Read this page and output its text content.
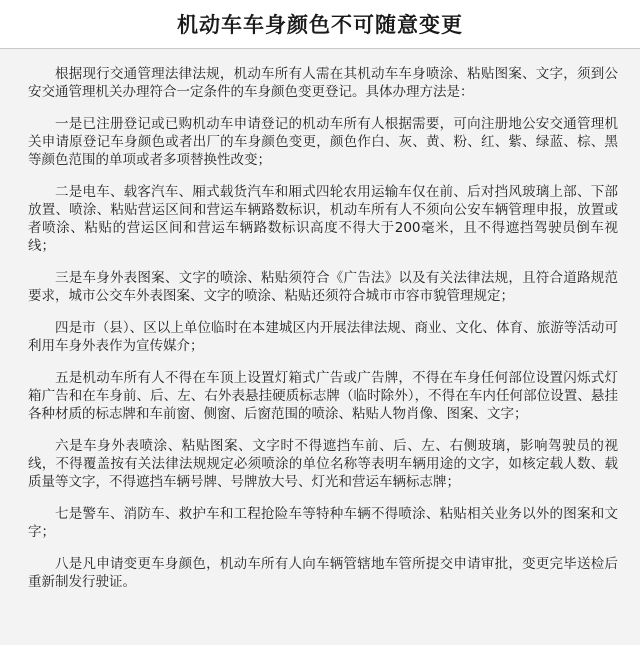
机动车车身颜色不可随意变更

根据现行交通管理法律法规，机动车所有人需在其机动车车身喷涂、粘贴图案、文字，须到公安交通管理机关办理符合一定条件的车身颜色变更登记。具体办理方法是：

一是已注册登记或已购机动车申请登记的机动车所有人根据需要，可向注册地公安交通管理机关申请原登记车身颜色或者出厂的车身颜色变更，颜色作白、灰、黄、粉、红、紫、绿蓝、棕、黑等颜色范围的单项或者多项替换性改变；

二是电车、载客汽车、厢式载货汽车和厢式四轮农用运输车仅在前、后对挡风玻璃上部、下部放置、喷涂、粘贴营运区间和营运车辆路数标识，机动车所有人不须向公安车辆管理申报，放置或者喷涂、粘贴的营运区间和营运车辆路数标识高度不得大于200毫米，且不得遮挡驾驶员倒车视线；

三是车身外表图案、文字的喷涂、粘贴须符合《广告法》以及有关法律法规，且符合道路规范要求，城市公交车外表图案、文字的喷涂、粘贴还须符合城市市容市貌管理规定；

四是市（县）、区以上单位临时在本建城区内开展法律法规、商业、文化、体育、旅游等活动可利用车身外表作为宣传媒介；

五是机动车所有人不得在车顶上设置灯箱式广告或广告牌，不得在车身任何部位设置闪烁式灯箱广告和在车身前、后、左、右外表悬挂硬质标志牌（临时除外），不得在车内任何部位设置、悬挂各种材质的标志牌和车前窗、侧窗、后窗范围的喷涂、粘贴人物肖像、图案、文字；

六是车身外表喷涂、粘贴图案、文字时不得遮挡车前、后、左、右侧玻璃，影响驾驶员的视线，不得覆盖按有关法律法规规定必须喷涂的单位名称等表明车辆用途的文字，如核定载人数、载质量等文字，不得遮挡车辆号牌、号牌放大号、灯光和营运车辆标志牌；

七是警车、消防车、救护车和工程抢险车等特种车辆不得喷涂、粘贴相关业务以外的图案和文字；

八是凡申请变更车身颜色，机动车所有人向车辆管辖地车管所提交申请审批，变更完毕送检后重新制发行驶证。
